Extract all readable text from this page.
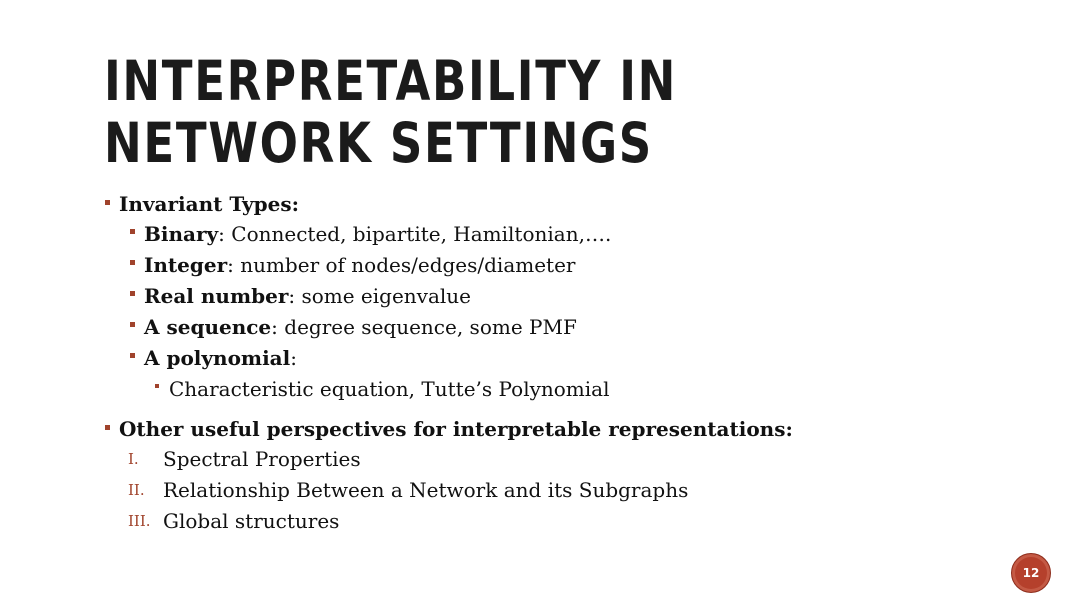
INTERPRETABILITY IN NETWORK SETTINGS
Invariant Types:
Binary: Connected, bipartite, Hamiltonian,….
Integer: number of nodes/edges/diameter
Real number: some eigenvalue
A sequence: degree sequence, some PMF
A polynomial:
Characteristic equation, Tutte’s Polynomial
Other useful perspectives for interpretable representations:
I. Spectral Properties
II. Relationship Between a Network and its Subgraphs
III. Global structures
12
